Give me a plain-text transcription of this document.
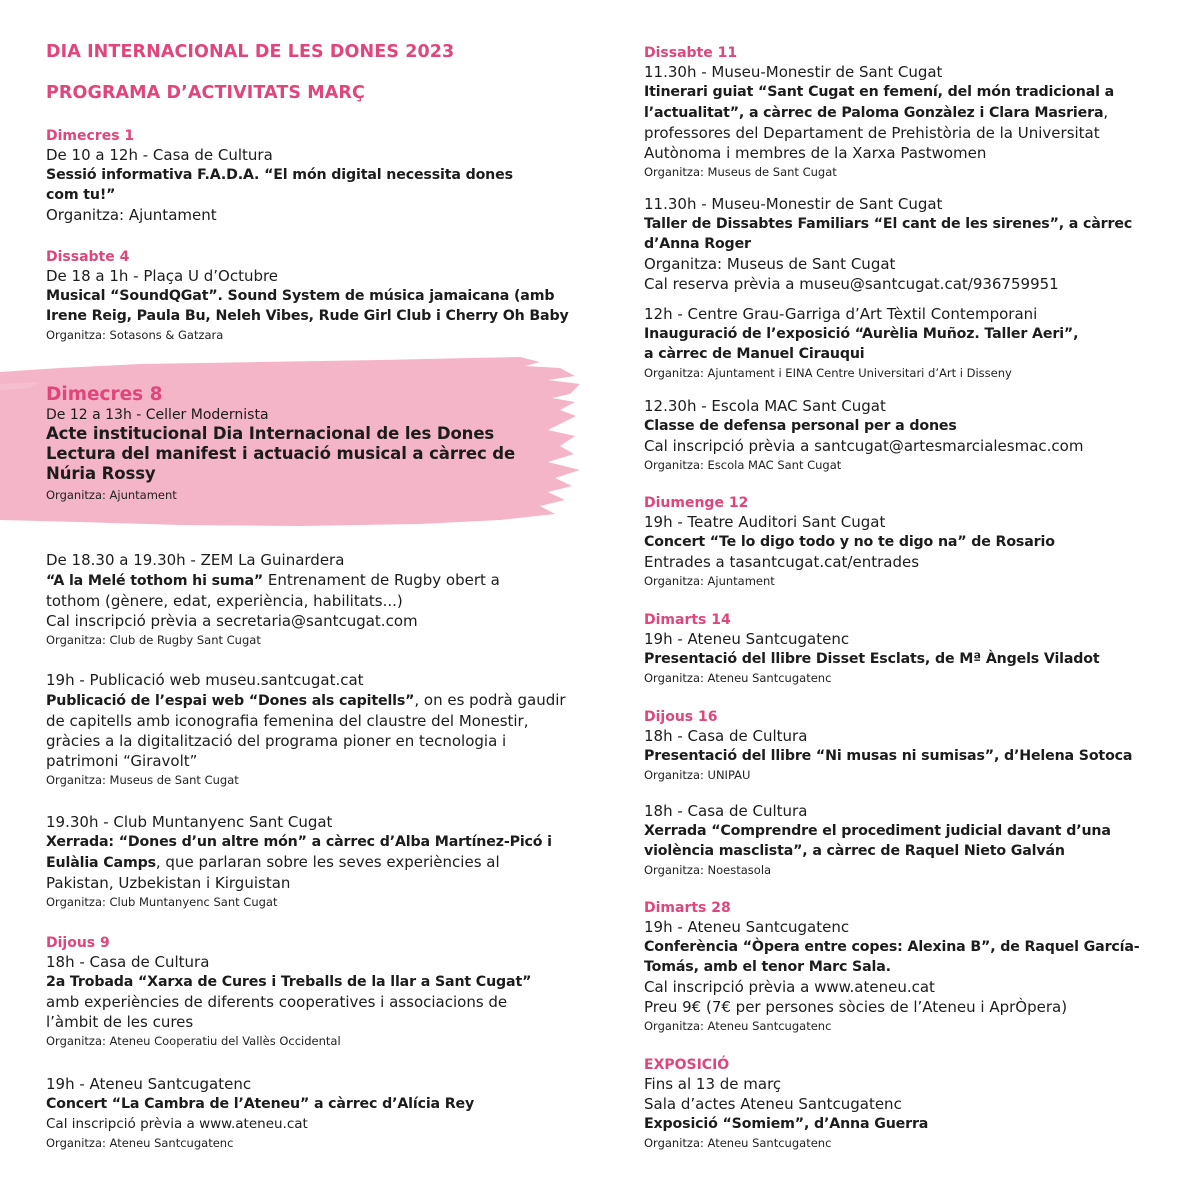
DIA INTERNACIONAL DE LES DONES 2023
PROGRAMA D’ACTIVITATS MARÇ
Dimecres 1
De 10 a 12h - Casa de Cultura
Sessió informativa F.A.D.A. “El món digital necessita dones
com tu!”
Organitza: Ajuntament
Dissabte 4
De 18 a 1h - Plaça U d’Octubre
Musical “SoundQGat”. Sound System de música jamaicana (amb
Irene Reig, Paula Bu, Neleh Vibes, Rude Girl Club i Cherry Oh Baby
Organitza: Sotasons & Gatzara
Dimecres 8
De 12 a 13h - Celler Modernista
Acte institucional Dia Internacional de les Dones
Lectura del manifest i actuació musical a càrrec de
Núria Rossy
Organitza: Ajuntament
De 18.30 a 19.30h - ZEM La Guinardera
“A la Melé tothom hi suma” Entrenament de Rugby obert a
tothom (gènere, edat, experiència, habilitats...)
Cal inscripció prèvia a secretaria@santcugat.com
Organitza: Club de Rugby Sant Cugat
19h - Publicació web museu.santcugat.cat
Publicació de l’espai web “Dones als capitells”, on es podrà gaudir
de capitells amb iconografia femenina del claustre del Monestir,
gràcies a la digitalització del programa pioner en tecnologia i
patrimoni “Giravolt”
Organitza: Museus de Sant Cugat
19.30h - Club Muntanyenc Sant Cugat
Xerrada: “Dones d’un altre món” a càrrec d’Alba Martínez-Picó i
Eulàlia Camps, que parlaran sobre les seves experiències al
Pakistan, Uzbekistan i Kirguistan
Organitza: Club Muntanyenc Sant Cugat
Dijous 9
18h - Casa de Cultura
2a Trobada “Xarxa de Cures i Treballs de la llar a Sant Cugat”
amb experiències de diferents cooperatives i associacions de
l’àmbit de les cures
Organitza: Ateneu Cooperatiu del Vallès Occidental
19h - Ateneu Santcugatenc
Concert “La Cambra de l’Ateneu” a càrrec d’Alícia Rey
Cal inscripció prèvia a www.ateneu.cat
Organitza: Ateneu Santcugatenc
Dissabte 11
11.30h - Museu-Monestir de Sant Cugat
Itinerari guiat “Sant Cugat en femení, del món tradicional a
l’actualitat”, a càrrec de Paloma Gonzàlez i Clara Masriera,
professores del Departament de Prehistòria de la Universitat
Autònoma i membres de la Xarxa Pastwomen
Organitza: Museus de Sant Cugat
11.30h - Museu-Monestir de Sant Cugat
Taller de Dissabtes Familiars “El cant de les sirenes”, a càrrec
d’Anna Roger
Organitza: Museus de Sant Cugat
Cal reserva prèvia a museu@santcugat.cat/936759951
12h - Centre Grau-Garriga d’Art Tèxtil Contemporani
Inauguració de l’exposició “Aurèlia Muñoz. Taller Aeri”,
a càrrec de Manuel Cirauqui
Organitza: Ajuntament i EINA Centre Universitari d’Art i Disseny
12.30h - Escola MAC Sant Cugat
Classe de defensa personal per a dones
Cal inscripció prèvia a santcugat@artesmarcialesmac.com
Organitza: Escola MAC Sant Cugat
Diumenge 12
19h - Teatre Auditori Sant Cugat
Concert “Te lo digo todo y no te digo na” de Rosario
Entrades a tasantcugat.cat/entrades
Organitza: Ajuntament
Dimarts 14
19h - Ateneu Santcugatenc
Presentació del llibre Disset Esclats, de Mª Àngels Viladot
Organitza: Ateneu Santcugatenc
Dijous 16
18h - Casa de Cultura
Presentació del llibre “Ni musas ni sumisas”, d’Helena Sotoca
Organitza: UNIPAU
18h - Casa de Cultura
Xerrada “Comprendre el procediment judicial davant d’una
violència masclista”, a càrrec de Raquel Nieto Galván
Organitza: Noestasola
Dimarts 28
19h - Ateneu Santcugatenc
Conferència “Òpera entre copes: Alexina B”, de Raquel García-
Tomás, amb el tenor Marc Sala.
Cal inscripció prèvia a www.ateneu.cat
Preu 9€ (7€ per persones sòcies de l’Ateneu i AprÒpera)
Organitza: Ateneu Santcugatenc
EXPOSICIÓ
Fins al 13 de març
Sala d’actes Ateneu Santcugatenc
Exposició “Somiem”, d’Anna Guerra
Organitza: Ateneu Santcugatenc
